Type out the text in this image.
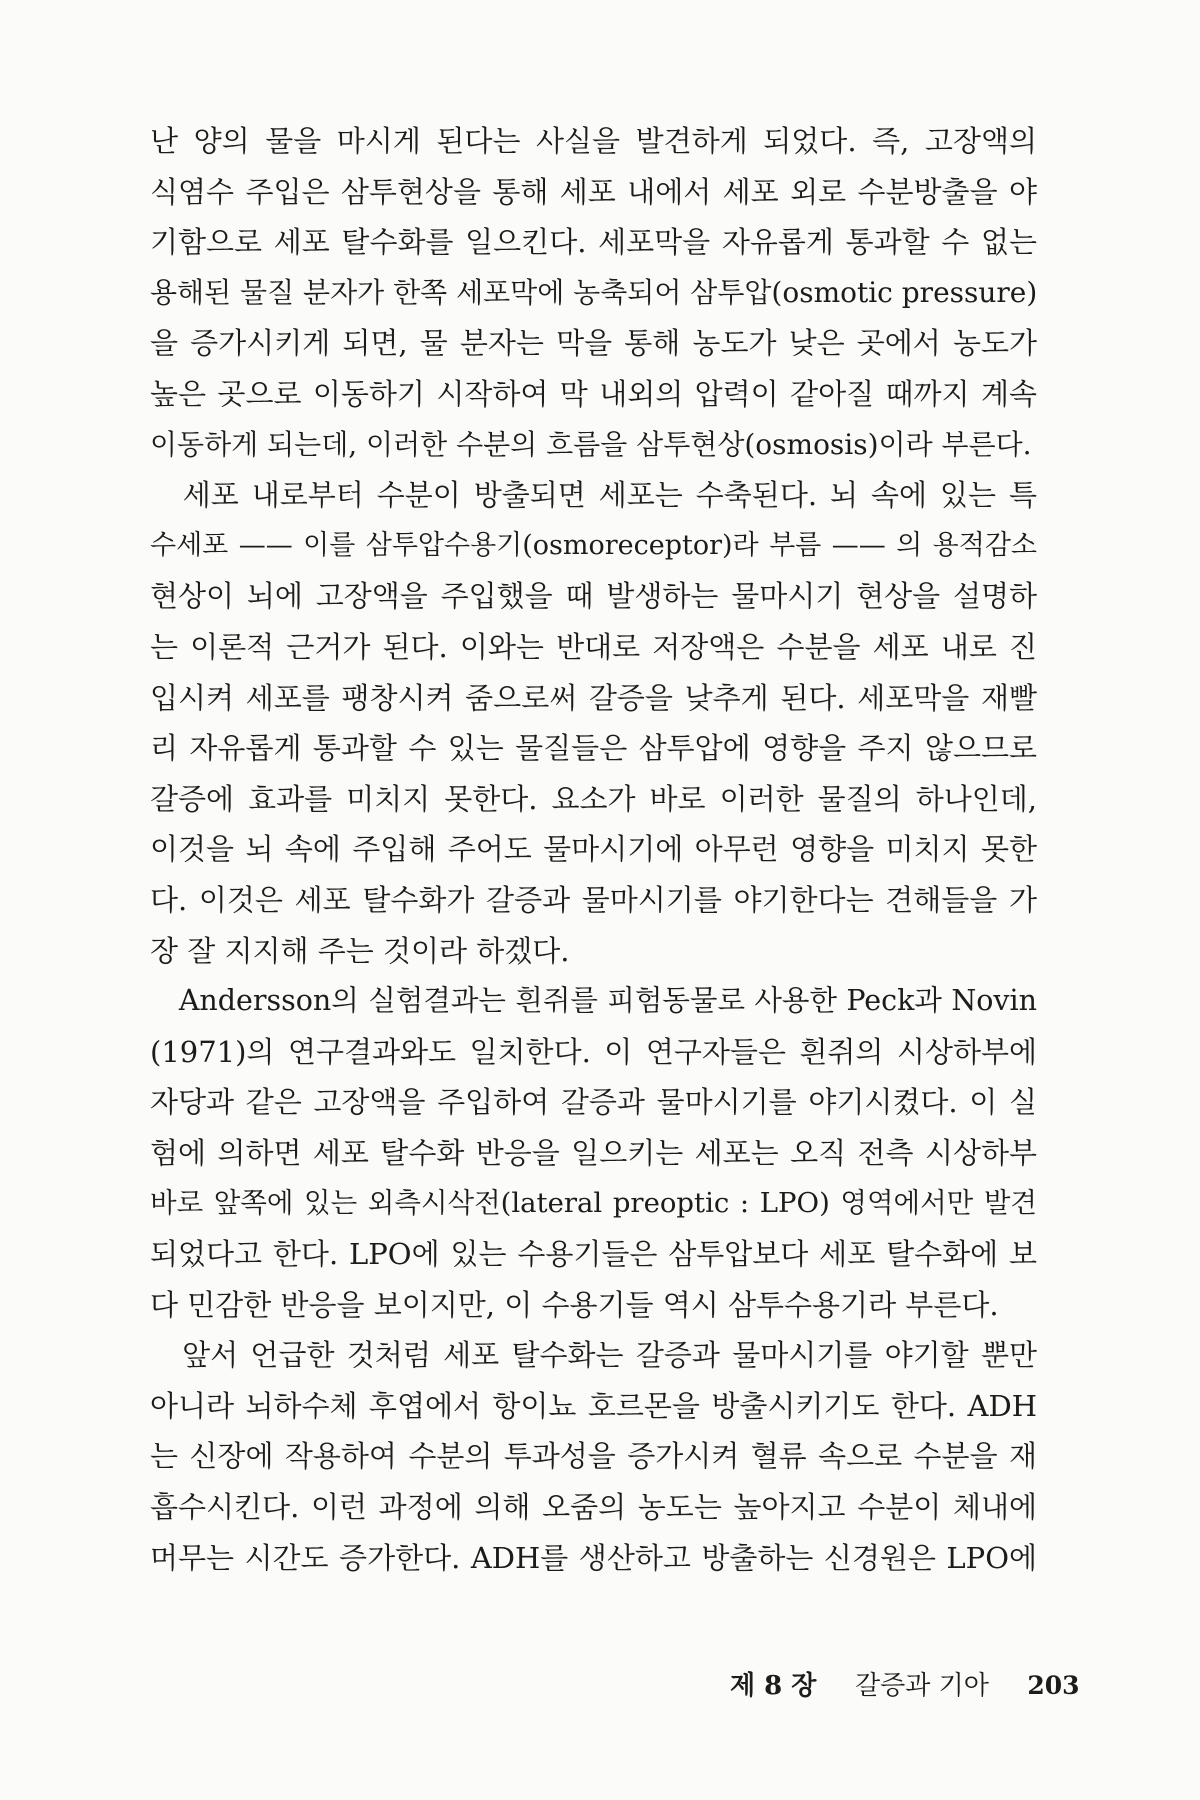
난 양의 물을 마시게 된다는 사실을 발견하게 되었다. 즉, 고장액의
식염수 주입은 삼투현상을 통해 세포 내에서 세포 외로 수분방출을 야
기함으로 세포 탈수화를 일으킨다. 세포막을 자유롭게 통과할 수 없는
용해된 물질 분자가 한쪽 세포막에 농축되어 삼투압(osmotic pressure)
을 증가시키게 되면, 물 분자는 막을 통해 농도가 낮은 곳에서 농도가
높은 곳으로 이동하기 시작하여 막 내외의 압력이 같아질 때까지 계속
이동하게 되는데, 이러한 수분의 흐름을 삼투현상(osmosis)이라 부른다.
　세포 내로부터 수분이 방출되면 세포는 수축된다. 뇌 속에 있는 특
수세포 —— 이를 삼투압수용기(osmoreceptor)라 부름 —— 의 용적감소
현상이 뇌에 고장액을 주입했을 때 발생하는 물마시기 현상을 설명하
는 이론적 근거가 된다. 이와는 반대로 저장액은 수분을 세포 내로 진
입시켜 세포를 팽창시켜 줌으로써 갈증을 낮추게 된다. 세포막을 재빨
리 자유롭게 통과할 수 있는 물질들은 삼투압에 영향을 주지 않으므로
갈증에 효과를 미치지 못한다. 요소가 바로 이러한 물질의 하나인데,
이것을 뇌 속에 주입해 주어도 물마시기에 아무런 영향을 미치지 못한
다. 이것은 세포 탈수화가 갈증과 물마시기를 야기한다는 견해들을 가
장 잘 지지해 주는 것이라 하겠다.
　Andersson의 실험결과는 흰쥐를 피험동물로 사용한 Peck과 Novin
(1971)의 연구결과와도 일치한다. 이 연구자들은 흰쥐의 시상하부에
자당과 같은 고장액을 주입하여 갈증과 물마시기를 야기시켰다. 이 실
험에 의하면 세포 탈수화 반응을 일으키는 세포는 오직 전측 시상하부
바로 앞쪽에 있는 외측시삭전(lateral preoptic : LPO) 영역에서만 발견
되었다고 한다. LPO에 있는 수용기들은 삼투압보다 세포 탈수화에 보
다 민감한 반응을 보이지만, 이 수용기들 역시 삼투수용기라 부른다.
　앞서 언급한 것처럼 세포 탈수화는 갈증과 물마시기를 야기할 뿐만
아니라 뇌하수체 후엽에서 항이뇨 호르몬을 방출시키기도 한다. ADH
는 신장에 작용하여 수분의 투과성을 증가시켜 혈류 속으로 수분을 재
흡수시킨다. 이런 과정에 의해 오줌의 농도는 높아지고 수분이 체내에
머무는 시간도 증가한다. ADH를 생산하고 방출하는 신경원은 LPO에
제 8 장 갈증과 기아 203
